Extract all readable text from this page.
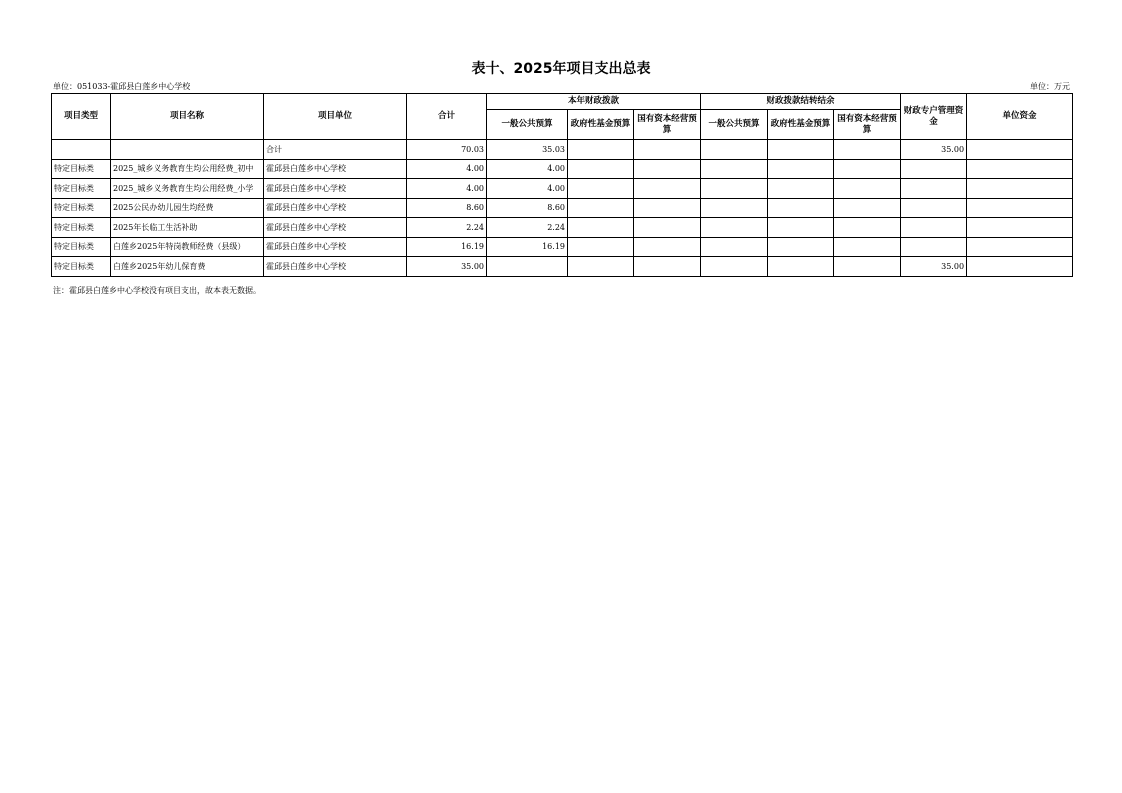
表十、2025年项目支出总表
单位：051033-霍邱县白莲乡中心学校	单位：万元
项目类型	项目名称	项目单位	合计	本年财政拨款			财政拨款结转结余			财政专户管理资金	单位资金
				一般公共预算	政府性基金预算	国有资本经营预算	一般公共预算	政府性基金预算	国有资本经营预算		
		合计	70.03	35.03						35.00	
特定目标类	2025_城乡义务教育生均公用经费_初中	霍邱县白莲乡中心学校	4.00	4.00							
特定目标类	2025_城乡义务教育生均公用经费_小学	霍邱县白莲乡中心学校	4.00	4.00							
特定目标类	2025公民办幼儿园生均经费	霍邱县白莲乡中心学校	8.60	8.60							
特定目标类	2025年长临工生活补助	霍邱县白莲乡中心学校	2.24	2.24							
特定目标类	白莲乡2025年特岗教师经费（县级）	霍邱县白莲乡中心学校	16.19	16.19							
特定目标类	白莲乡2025年幼儿保育费	霍邱县白莲乡中心学校	35.00							35.00	
注：霍邱县白莲乡中心学校没有项目支出，故本表无数据。
